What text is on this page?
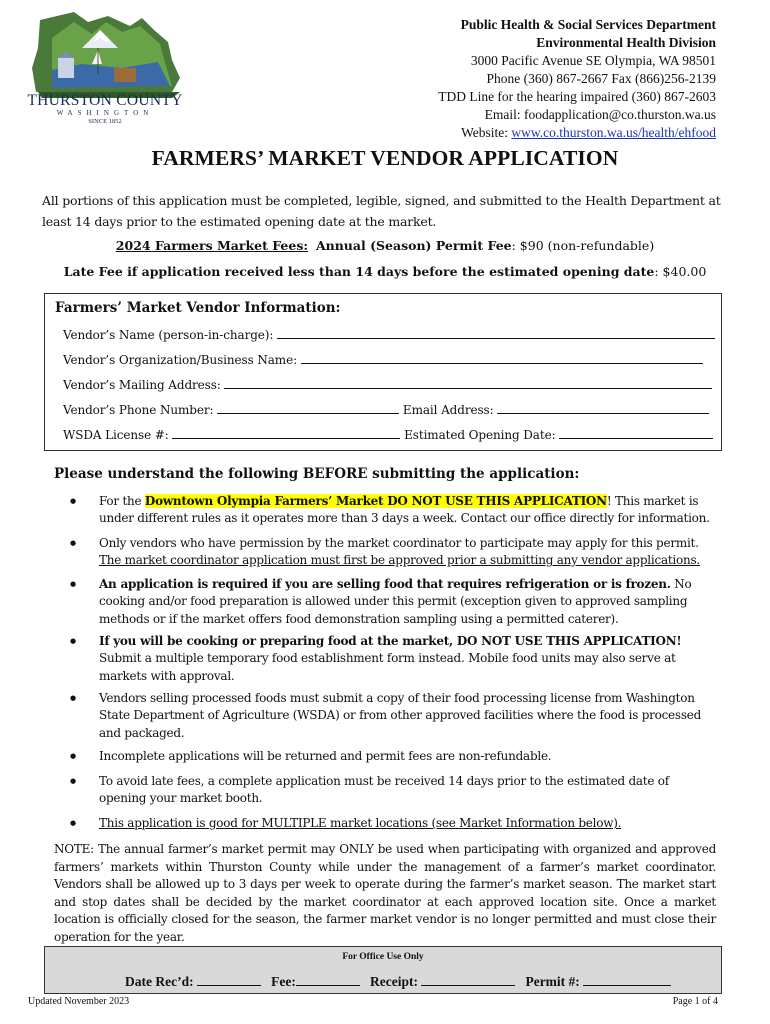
THURSTON COUNTY
WASHINGTON
SINCE 1852
Public Health & Social Services Department
Environmental Health Division
3000 Pacific Avenue SE Olympia, WA 98501
Phone (360) 867-2667 Fax (866)256-2139
TDD Line for the hearing impaired (360) 867-2603
Email: foodapplication@co.thurston.wa.us
Website: www.co.thurston.wa.us/health/ehfood
FARMERS’ MARKET VENDOR APPLICATION
All portions of this application must be completed, legible, signed, and submitted to the Health Department at least 14 days prior to the estimated opening date at the market.
2024 Farmers Market Fees: Annual (Season) Permit Fee: $90 (non-refundable)
Late Fee if application received less than 14 days before the estimated opening date: $40.00
Farmers’ Market Vendor Information:
Vendor’s Name (person-in-charge):
Vendor’s Organization/Business Name:
Vendor’s Mailing Address:
Vendor’s Phone Number:	Email Address:
WSDA License #:	Estimated Opening Date:
Please understand the following BEFORE submitting the application:
● For the Downtown Olympia Farmers’ Market DO NOT USE THIS APPLICATION! This market is under different rules as it operates more than 3 days a week. Contact our office directly for information.
● Only vendors who have permission by the market coordinator to participate may apply for this permit. The market coordinator application must first be approved prior a submitting any vendor applications.
● An application is required if you are selling food that requires refrigeration or is frozen. No cooking and/or food preparation is allowed under this permit (exception given to approved sampling methods or if the market offers food demonstration sampling using a permitted caterer).
● If you will be cooking or preparing food at the market, DO NOT USE THIS APPLICATION! Submit a multiple temporary food establishment form instead. Mobile food units may also serve at markets with approval.
● Vendors selling processed foods must submit a copy of their food processing license from Washington State Department of Agriculture (WSDA) or from other approved facilities where the food is processed and packaged.
● Incomplete applications will be returned and permit fees are non-refundable.
● To avoid late fees, a complete application must be received 14 days prior to the estimated date of opening your market booth.
● This application is good for MULTIPLE market locations (see Market Information below).
NOTE: The annual farmer’s market permit may ONLY be used when participating with organized and approved farmers’ markets within Thurston County while under the management of a farmer’s market coordinator. Vendors shall be allowed up to 3 days per week to operate during the farmer’s market season. The market start and stop dates shall be decided by the market coordinator at each approved location site. Once a market location is officially closed for the season, the farmer market vendor is no longer permitted and must close their operation for the year.
For Office Use Only
Date Rec’d:	Fee:	Receipt:	Permit #:
Updated November 2023	Page 1 of 4
